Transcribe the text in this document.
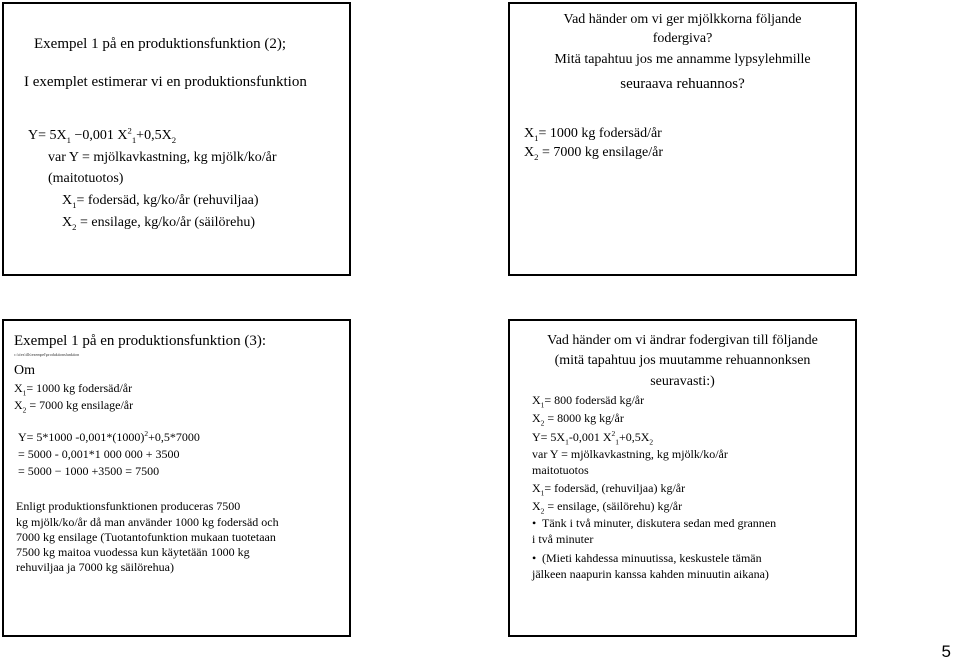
Exempel 1 på en produktionsfunktion (2);
I exemplet estimerar vi en produktionsfunktion
$Y= 5X_1 -0,001$ $X^2_1+0,5X_2$
var Y = mjölkavkastning, kg mjölk/ko/år
(maitotuotos)
$X_1=$ fodersäd, kg/ko/år (rehuviljaa)
$X_2$ = ensilage, kg/ko/år (säilörehu)
Vad händer om vi ger mjölkkorna följande
fodergiva?
Mitä tapahtuu jos me annamme lypsylehmille
seuraava rehuannos?
$X_1= 1000$ kg fodersäd/år
$X_2 = 7000$ kg ensilage/år
Exempel 1 på en produktionsfunktion (3):
c:\a\ex\ills\exempel\produktionsfunktion
Om
$X_1= 1000$ kg fodersäd/år
$X_2 = 7000$ kg ensilage/år
Y= 5*1000 $-0,001*(1000)^2+0,5*7000$
= 5000 - 0,001*1 000 000 + 3500
= 5000 − 1000 +3500 = 7500
Enligt produktionsfunktionen produceras 7500
kg mjölk/ko/år då man använder 1000 kg fodersäd och
7000 kg ensilage (Tuotantofunktion mukaan tuotetaan
7500 kg maitoa vuodessa kun käytetään 1000 kg
rehuviljaa ja 7000 kg säilörehua)
Vad händer om vi ändrar fodergivan till följande
(mitä tapahtuu jos muutamme rehuannonksen
seuravasti:)
$X_1= 800$ fodersäd kg/år
$X_2 = 8000$ kg kg/år
$Y= 5X_1-0,001$ $X^2_1+0,5X_2$
var Y = mjölkavkastning, kg mjölk/ko/år
maitotuotos
$X_1=$ fodersäd, (rehuviljaa) kg/år
$X_2$ = ensilage, (säilörehu) kg/år
• Tänk i två minuter, diskutera sedan med grannen
i två minuter
• (Mieti kahdessa minuutissa, keskustele tämän
jälkeen naapurin kanssa kahden minuutin aikana)
5
